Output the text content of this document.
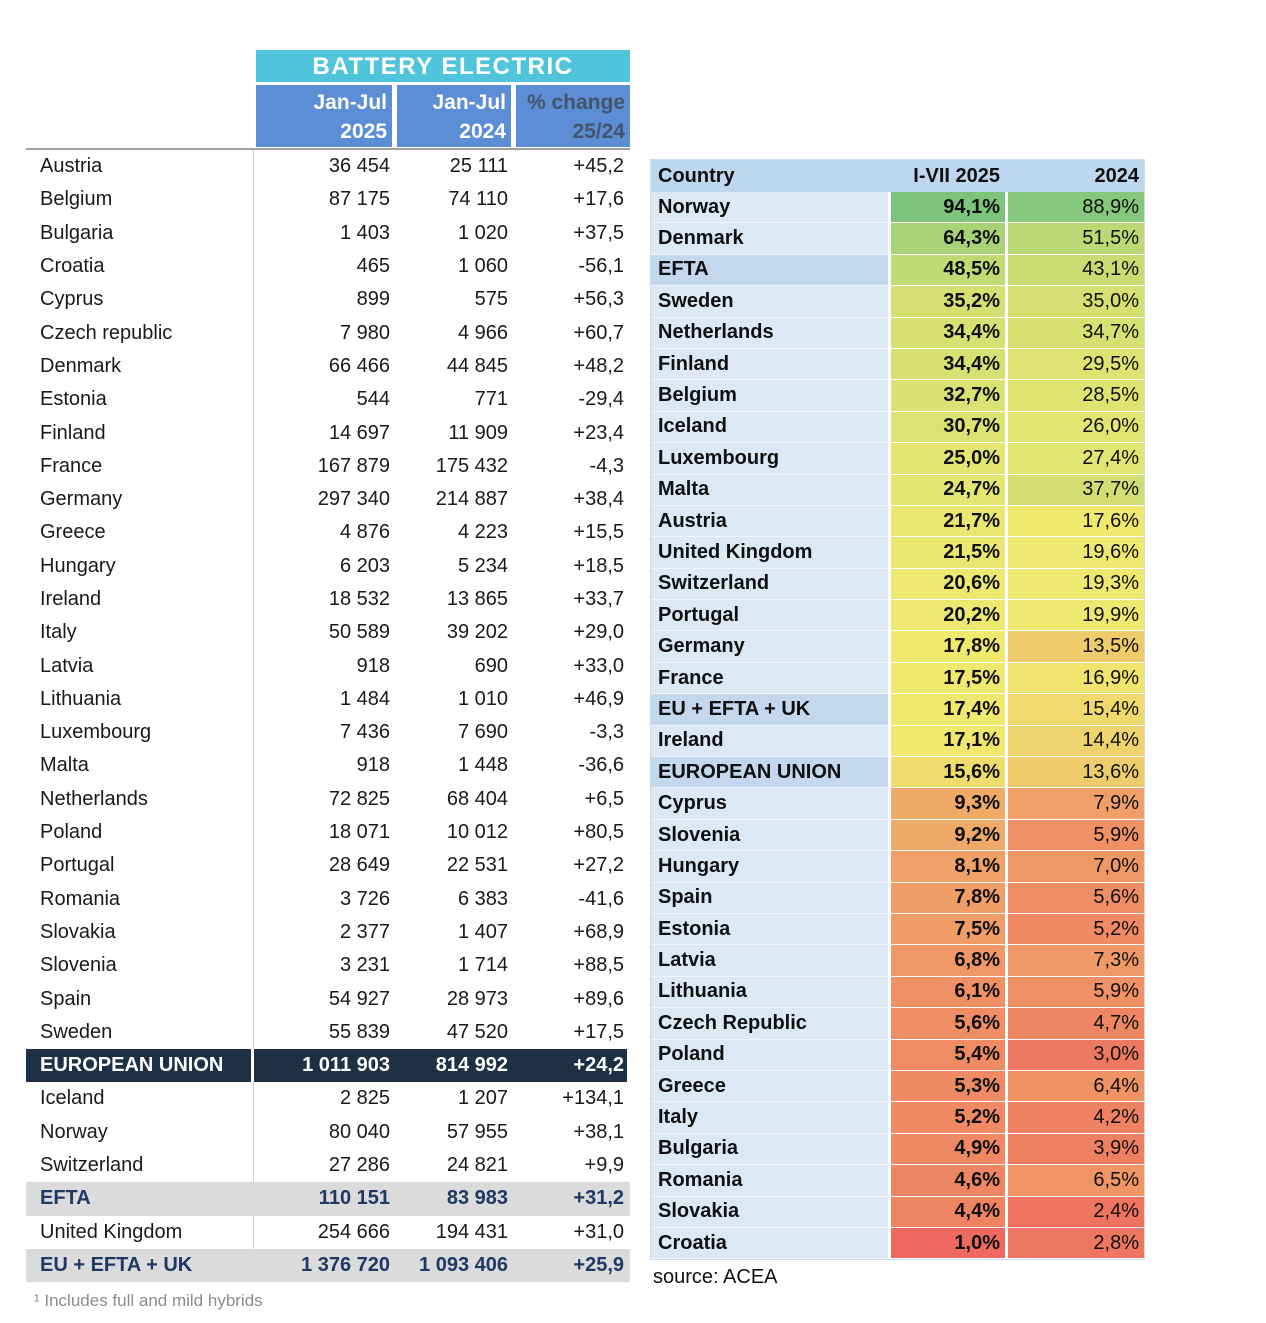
BATTERY ELECTRIC
Jan-Jul
2025
Jan-Jul
2024
% change
25/24
Austria	36 454	25 111	+45,2
Belgium	87 175	74 110	+17,6
Bulgaria	1 403	1 020	+37,5
Croatia	465	1 060	-56,1
Cyprus	899	575	+56,3
Czech republic	7 980	4 966	+60,7
Denmark	66 466	44 845	+48,2
Estonia	544	771	-29,4
Finland	14 697	11 909	+23,4
France	167 879	175 432	-4,3
Germany	297 340	214 887	+38,4
Greece	4 876	4 223	+15,5
Hungary	6 203	5 234	+18,5
Ireland	18 532	13 865	+33,7
Italy	50 589	39 202	+29,0
Latvia	918	690	+33,0
Lithuania	1 484	1 010	+46,9
Luxembourg	7 436	7 690	-3,3
Malta	918	1 448	-36,6
Netherlands	72 825	68 404	+6,5
Poland	18 071	10 012	+80,5
Portugal	28 649	22 531	+27,2
Romania	3 726	6 383	-41,6
Slovakia	2 377	1 407	+68,9
Slovenia	3 231	1 714	+88,5
Spain	54 927	28 973	+89,6
Sweden	55 839	47 520	+17,5
EUROPEAN UNION	1 011 903	814 992	+24,2
Iceland	2 825	1 207	+134,1
Norway	80 040	57 955	+38,1
Switzerland	27 286	24 821	+9,9
EFTA	110 151	83 983	+31,2
United Kingdom	254 666	194 431	+31,0
EU + EFTA + UK	1 376 720	1 093 406	+25,9
¹ Includes full and mild hybrids
Country	I-VII 2025	2024
Norway	94,1%	88,9%
Denmark	64,3%	51,5%
EFTA	48,5%	43,1%
Sweden	35,2%	35,0%
Netherlands	34,4%	34,7%
Finland	34,4%	29,5%
Belgium	32,7%	28,5%
Iceland	30,7%	26,0%
Luxembourg	25,0%	27,4%
Malta	24,7%	37,7%
Austria	21,7%	17,6%
United Kingdom	21,5%	19,6%
Switzerland	20,6%	19,3%
Portugal	20,2%	19,9%
Germany	17,8%	13,5%
France	17,5%	16,9%
EU + EFTA + UK	17,4%	15,4%
Ireland	17,1%	14,4%
EUROPEAN UNION	15,6%	13,6%
Cyprus	9,3%	7,9%
Slovenia	9,2%	5,9%
Hungary	8,1%	7,0%
Spain	7,8%	5,6%
Estonia	7,5%	5,2%
Latvia	6,8%	7,3%
Lithuania	6,1%	5,9%
Czech Republic	5,6%	4,7%
Poland	5,4%	3,0%
Greece	5,3%	6,4%
Italy	5,2%	4,2%
Bulgaria	4,9%	3,9%
Romania	4,6%	6,5%
Slovakia	4,4%	2,4%
Croatia	1,0%	2,8%
source: ACEA
